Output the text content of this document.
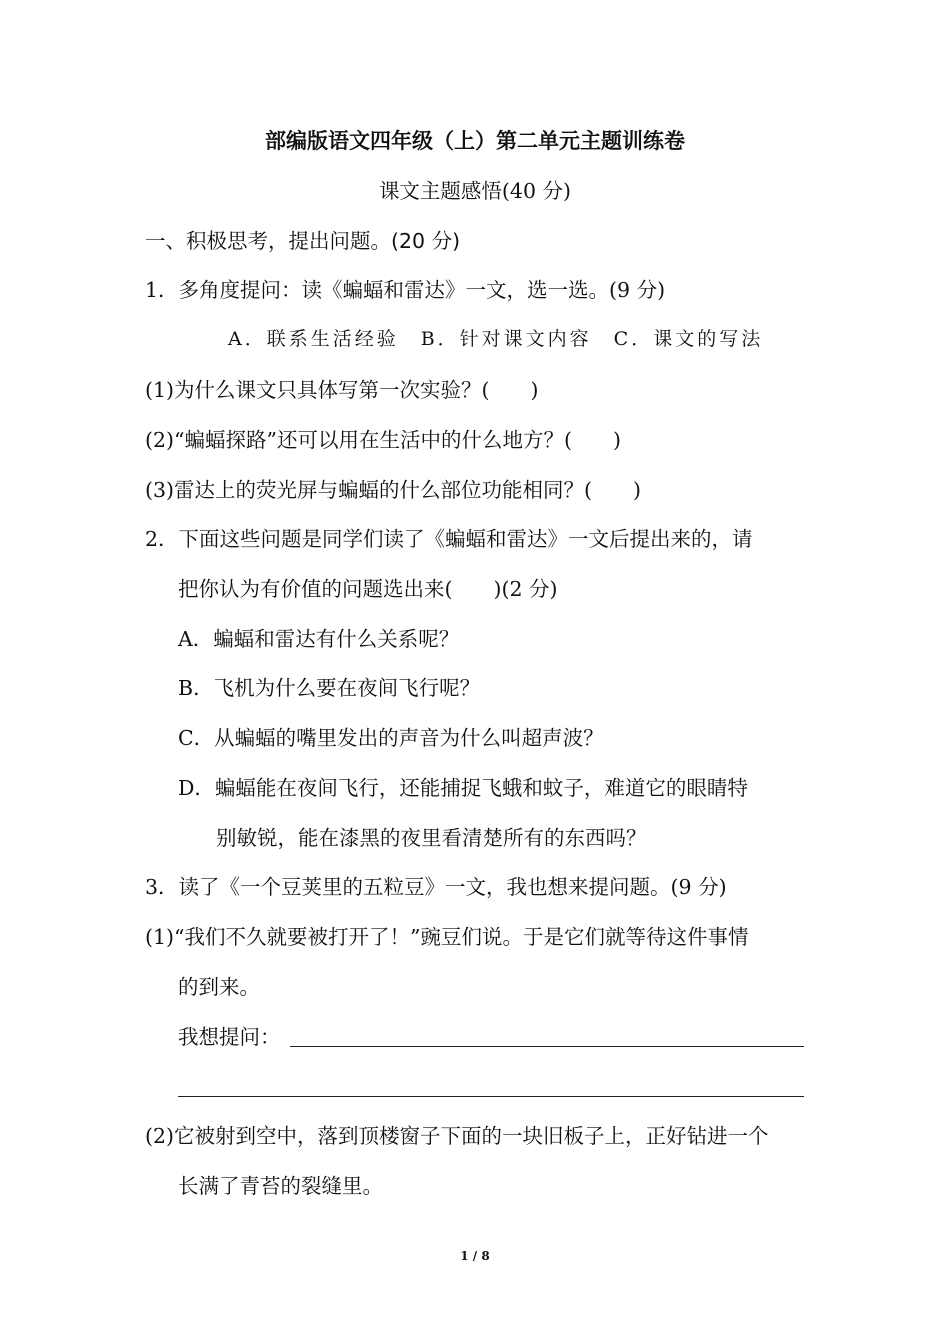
部编版语文四年级（上）第二单元主题训练卷
课文主题感悟(40 分)
一、积极思考，提出问题。(20 分)
1．多角度提问：读《蝙蝠和雷达》一文，选一选。(9 分)
A．联系生活经验　B．针对课文内容　C．课文的写法
(1)为什么课文只具体写第一次实验？(　　)
(2)“蝙蝠探路”还可以用在生活中的什么地方？(　　)
(3)雷达上的荧光屏与蝙蝠的什么部位功能相同？(　　)
2．下面这些问题是同学们读了《蝙蝠和雷达》一文后提出来的，请
把你认为有价值的问题选出来(　　)(2 分)
A．蝙蝠和雷达有什么关系呢？
B．飞机为什么要在夜间飞行呢？
C．从蝙蝠的嘴里发出的声音为什么叫超声波？
D．蝙蝠能在夜间飞行，还能捕捉飞蛾和蚊子，难道它的眼睛特
别敏锐，能在漆黑的夜里看清楚所有的东西吗？
3．读了《一个豆荚里的五粒豆》一文，我也想来提问题。(9 分)
(1)“我们不久就要被打开了！”豌豆们说。于是它们就等待这件事情
的到来。
我想提问：
(2)它被射到空中，落到顶楼窗子下面的一块旧板子上，正好钻进一个
长满了青苔的裂缝里。
1 / 8
